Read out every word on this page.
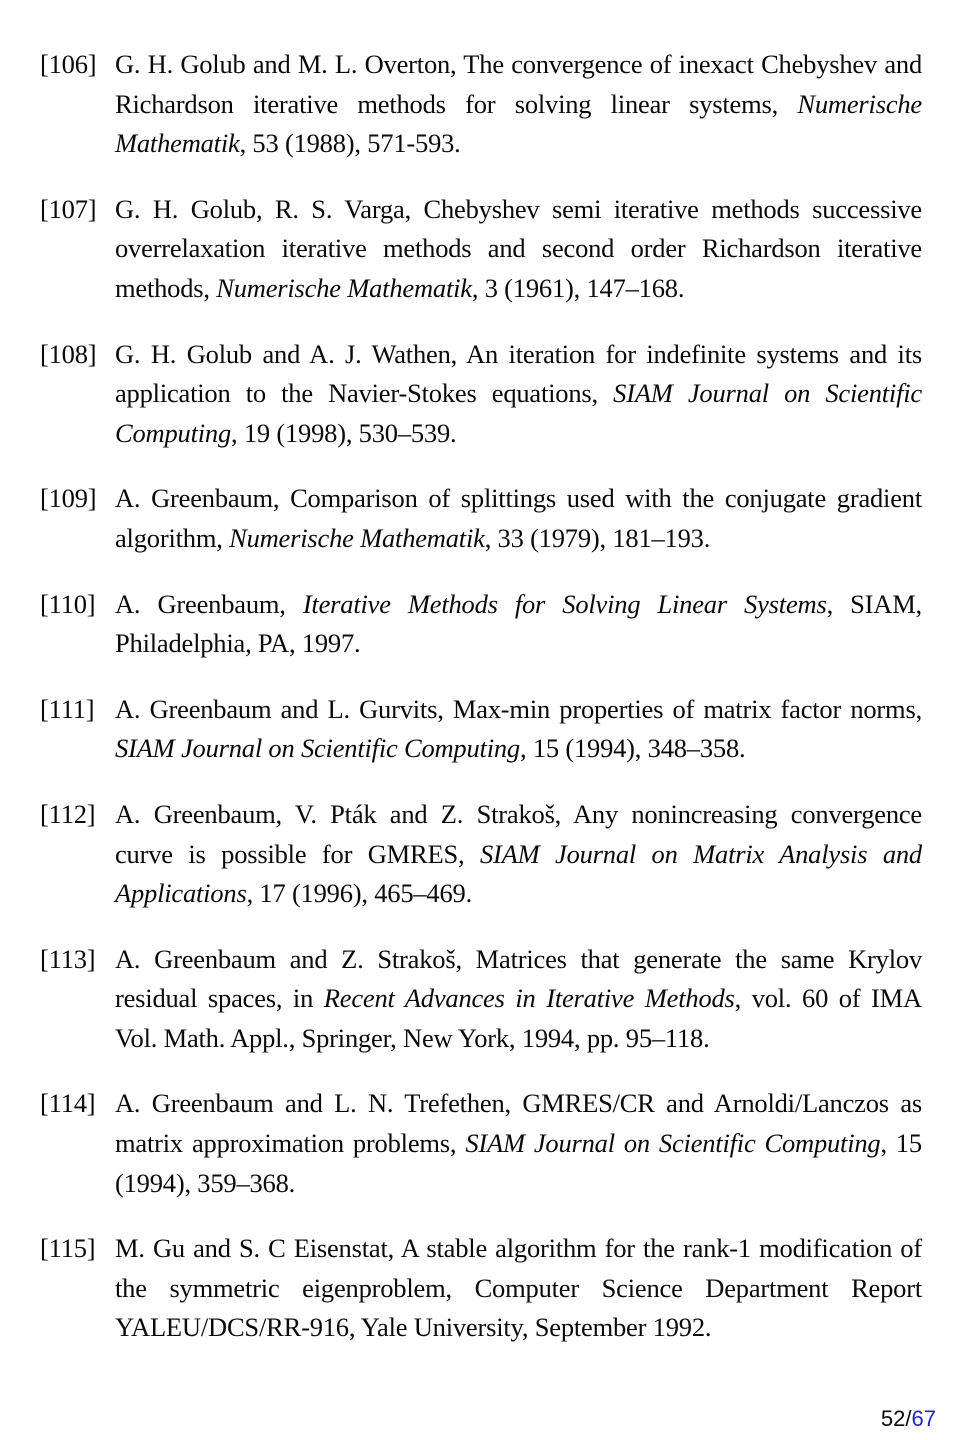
[106] G. H. Golub and M. L. Overton, The convergence of inexact Chebyshev and Richardson iterative methods for solving linear systems, Numerische Mathematik, 53 (1988), 571-593.
[107] G. H. Golub, R. S. Varga, Chebyshev semi iterative methods successive overrelaxation iterative methods and second order Richardson iterative methods, Numerische Mathematik, 3 (1961), 147–168.
[108] G. H. Golub and A. J. Wathen, An iteration for indefinite systems and its application to the Navier-Stokes equations, SIAM Journal on Scientific Computing, 19 (1998), 530–539.
[109] A. Greenbaum, Comparison of splittings used with the conjugate gradient algorithm, Numerische Mathematik, 33 (1979), 181–193.
[110] A. Greenbaum, Iterative Methods for Solving Linear Systems, SIAM, Philadelphia, PA, 1997.
[111] A. Greenbaum and L. Gurvits, Max-min properties of matrix factor norms, SIAM Journal on Scientific Computing, 15 (1994), 348–358.
[112] A. Greenbaum, V. Pták and Z. Strakoš, Any nonincreasing convergence curve is possible for GMRES, SIAM Journal on Matrix Analysis and Applications, 17 (1996), 465–469.
[113] A. Greenbaum and Z. Strakoš, Matrices that generate the same Krylov residual spaces, in Recent Advances in Iterative Methods, vol. 60 of IMA Vol. Math. Appl., Springer, New York, 1994, pp. 95–118.
[114] A. Greenbaum and L. N. Trefethen, GMRES/CR and Arnoldi/Lanczos as matrix approximation problems, SIAM Journal on Scientific Computing, 15 (1994), 359–368.
[115] M. Gu and S. C Eisenstat, A stable algorithm for the rank-1 modification of the symmetric eigenproblem, Computer Science Department Report YALEU/DCS/RR-916, Yale University, September 1992.
52/67
